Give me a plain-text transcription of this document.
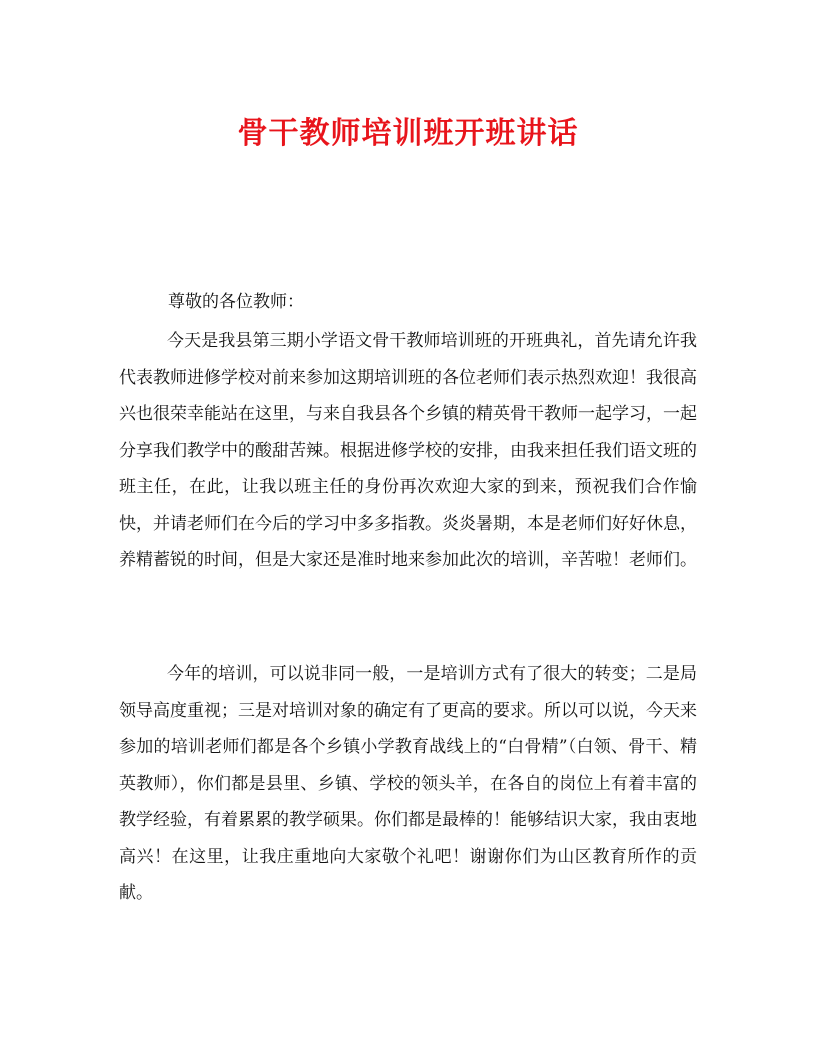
骨干教师培训班开班讲话
尊敬的各位教师：

今天是我县第三期小学语文骨干教师培训班的开班典礼，首先请允许我代表教师进修学校对前来参加这期培训班的各位老师们表示热烈欢迎！我很高兴也很荣幸能站在这里，与来自我县各个乡镇的精英骨干教师一起学习，一起分享我们教学中的酸甜苦辣。根据进修学校的安排，由我来担任我们语文班的班主任，在此，让我以班主任的身份再次欢迎大家的到来，预祝我们合作愉快，并请老师们在今后的学习中多多指教。炎炎暑期，本是老师们好好休息，养精蓄锐的时间，但是大家还是准时地来参加此次的培训，辛苦啦！老师们。

今年的培训，可以说非同一般，一是培训方式有了很大的转变；二是局领导高度重视；三是对培训对象的确定有了更高的要求。所以可以说，今天来参加的培训老师们都是各个乡镇小学教育战线上的“白骨精”（白领、骨干、精英教师），你们都是县里、乡镇、学校的领头羊，在各自的岗位上有着丰富的教学经验，有着累累的教学硕果。你们都是最棒的！能够结识大家，我由衷地高兴！在这里，让我庄重地向大家敬个礼吧！谢谢你们为山区教育所作的贡献。
